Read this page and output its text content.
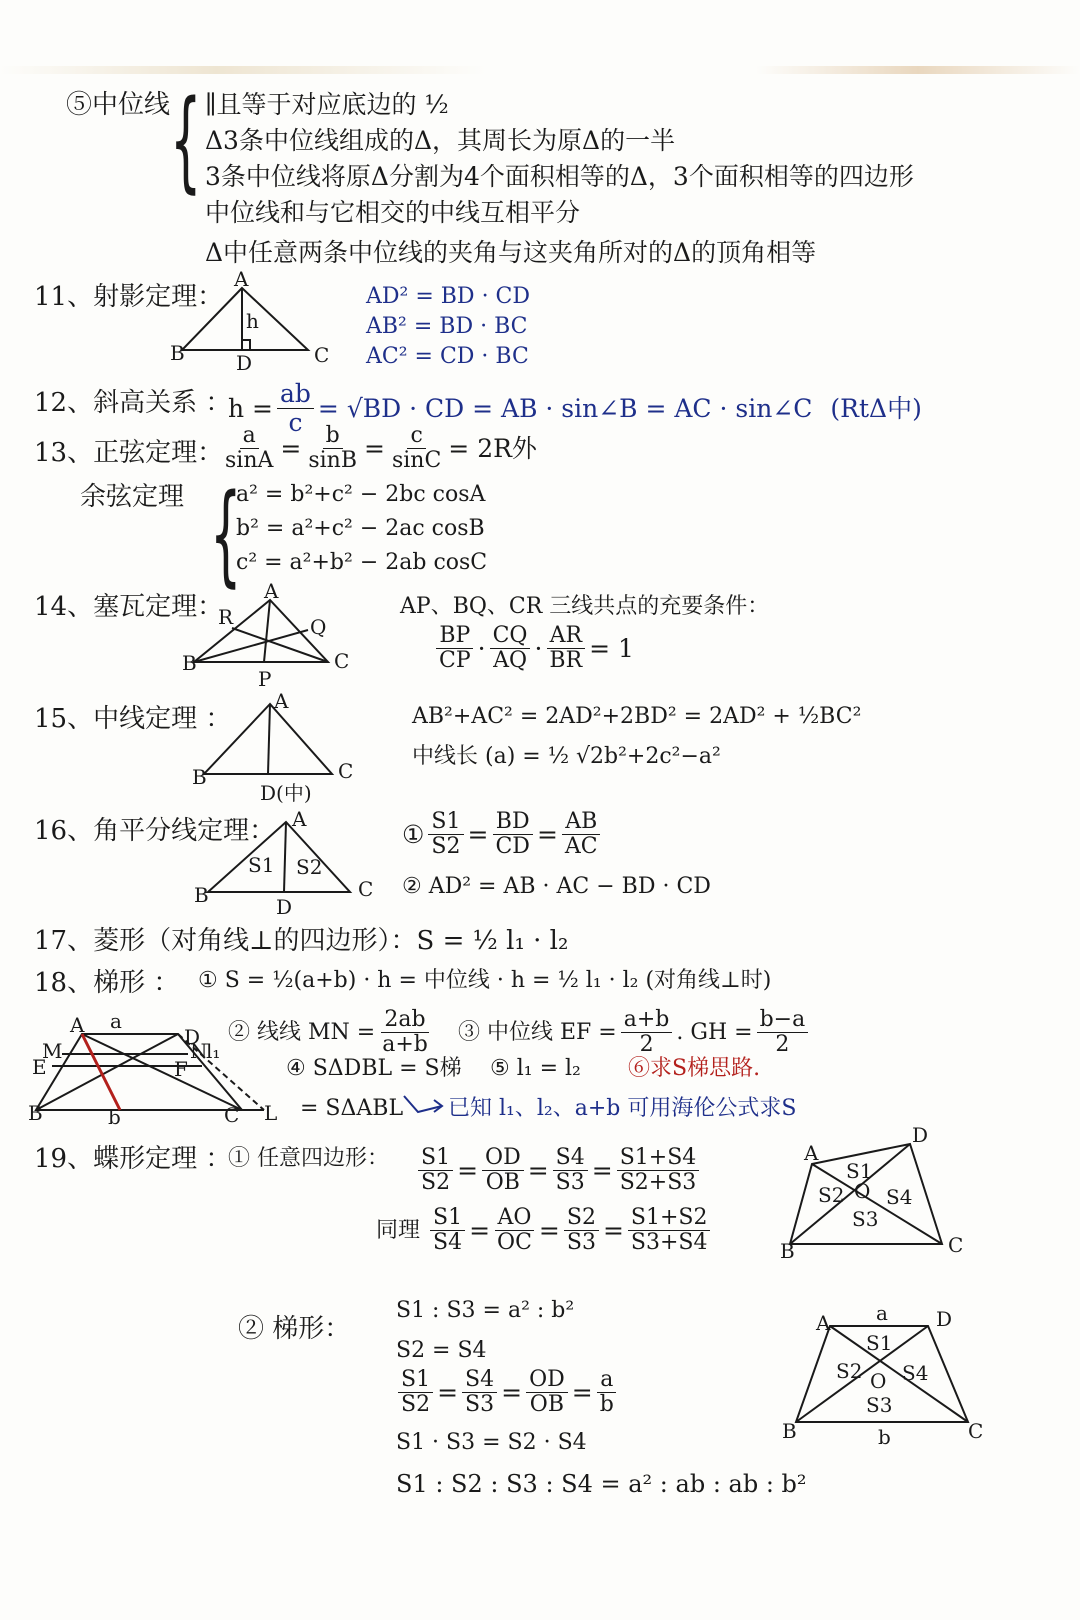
⑤中位线 { ∥且等于对应底边的 ½
Δ3条中位线组成的Δ，其周长为原Δ的一半
3条中位线将原Δ分割为4个面积相等的Δ，3个面积相等的四边形
中位线和与它相交的中线互相平分
Δ中任意两条中位线的夹角与这夹角所对的Δ的顶角相等
11、射影定理：
A
B	C
D
h
AD² = BD · CD
AB² = BD · BC
AC² = CD · BC
12、斜高关系 ：
$h = \frac{ab}{c} = √BD$ · CD = AB · sin∠B = AC · sin∠C (RtΔ中)
13、正弦定理：
$\frac{a}{\sin A} = \frac{b}{\sin B} = \frac{c}{\sin C} = 2R$外
余弦定理 {
a² = b²+c² − 2bc cosA
b² = a²+c² − 2ac cosB
c² = a²+b² − 2ab cosC
14、塞瓦定理：
A
B	C
P
Q
R	AP、BQ、CR 三线共点的充要条件：
$\frac{BP}{CP} \cdot \frac{CQ}{AQ} \cdot \frac{AR}{BR} = 1$
15、中线定理 ：
A
B	C
D(中)
AB²+AC² = 2AD²+2BD² = 2AD² + ½BC²
中线长 (a) = ½ √2b²+2c²−a²
16、角平分线定理： A
B	C
D
S1 S2
① $\frac{S1}{S2} = \frac{BD}{CD} = \frac{AB}{AC}$
② AD² = AB · AC − BD · CD
17、菱形（对角线⊥的四边形）：S = ½ l₁ · l₂
18、梯形 ： ① S = ½(a+b) · h = 中位线 · h = ½ l₁ · l₂ (对角线⊥时)
② 线线 MN = $\frac{2ab}{a+b}$ ③ 中位线 EF = $\frac{a+b}{2}$ . GH = $\frac{b-a}{2}$
④ SΔDBL = S梯 ⑤ l₁ = l₂ ⑥求S梯思路.
= SΔABL 已知 l₁、l₂、a+b 可用海伦公式求S
A a
D
E
M	N
F
B	b	C L
l₁
19、蝶形定理 ：
① 任意四边形： $\frac{S1}{S2} = \frac{OD}{OB} = \frac{S4}{S3} = \frac{S1+S4}{S2+S3}$
同理 $\frac{S1}{S4} = \frac{AO}{OC} = \frac{S2}{S3} = \frac{S1+S2}{S3+S4}$
A
D
B	C
O
S1
S2
S3
S4
② 梯形：
S1 : S3 = a² : b²
S2 = S4
$\frac{S1}{S2} = \frac{S4}{S3} = \frac{OD}{OB} = \frac{a}{b}$
S1 · S3 = S2 · S4
S1 : S2 : S3 : S4 = a² : ab : ab : b²
A	D
B	C
a
b
O
S1
S2
S3
S4
